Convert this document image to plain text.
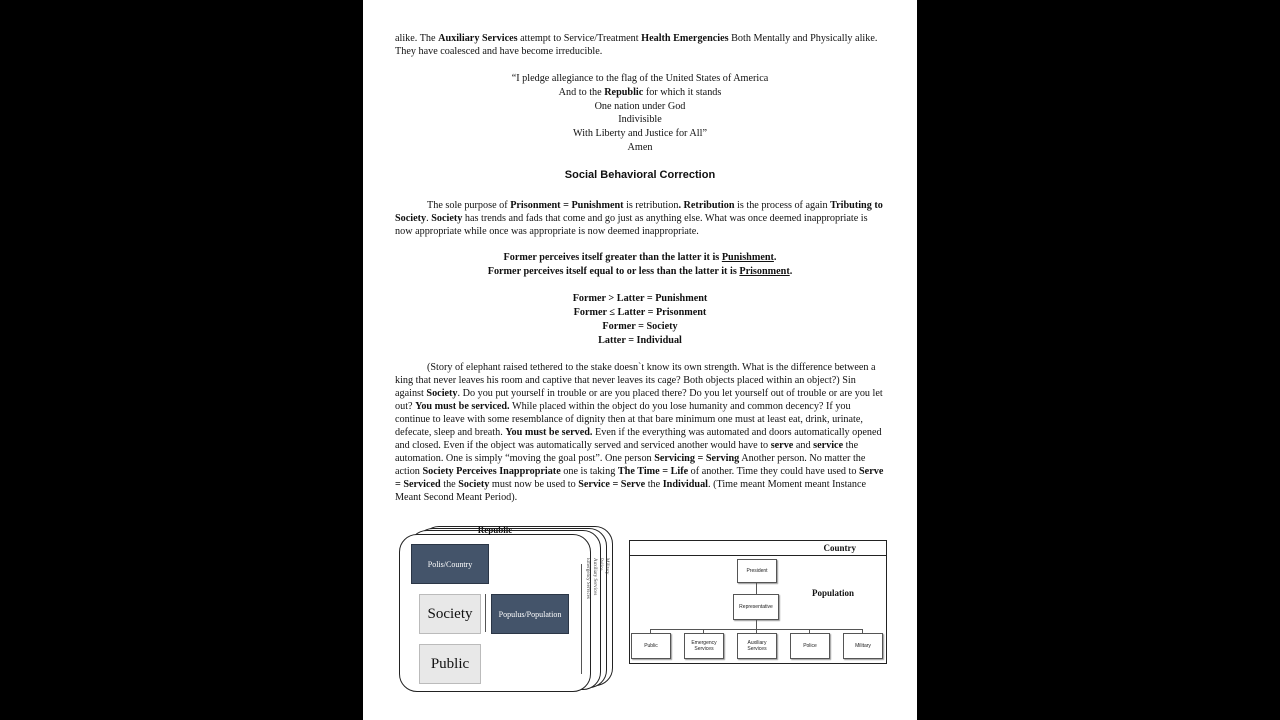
alike. The Auxiliary Services attempt to Service/Treatment Health Emergencies Both Mentally and Physically alike. They have coalesced and have become irreducible.
“I pledge allegiance to the flag of the United States of America
And to the Republic for which it stands
One nation under God
Indivisible
With Liberty and Justice for All”
Amen
Social Behavioral Correction
The sole purpose of Prisonment = Punishment is retribution. Retribution is the process of again Tributing to Society. Society has trends and fads that come and go just as anything else. What was once deemed inappropriate is now appropriate while once was appropriate is now deemed inappropriate.
Former perceives itself greater than the latter it is Punishment.
Former perceives itself equal to or less than the latter it is Prisonment.
Former > Latter = Punishment
Former ≤ Latter = Prisonment
Former = Society
Latter = Individual
(Story of elephant raised tethered to the stake doesn`t know its own strength. What is the difference between a king that never leaves his room and captive that never leaves its cage? Both objects placed within an object?) Sin against Society. Do you put yourself in trouble or are you placed there? Do you let yourself out of trouble or are you let out? You must be serviced. While placed within the object do you lose humanity and common decency? If you continue to leave with some resemblance of dignity then at that bare minimum one must at least eat, drink, urinate, defecate, sleep and breath. You must be served. Even if the everything was automated and doors automatically opened and closed. Even if the object was automatically served and serviced another would have to serve and service the automation. One is simply “moving the goal post”. One person Servicing = Serving Another person. No matter the action Society Perceives Inappropriate one is taking The Time = Life of another. Time they could have used to Serve = Serviced the Society must now be used to Service = Serve the Individual. (Time meant Moment meant Instance Meant Second Meant Period).
Republic
Emergency Services Auxiliary Services Police Military
Polis/Country
Society	Populus/Population
Public
Country
President
Representative
Population
Public	Emergency Services
Auxiliary Services	Police	Military
